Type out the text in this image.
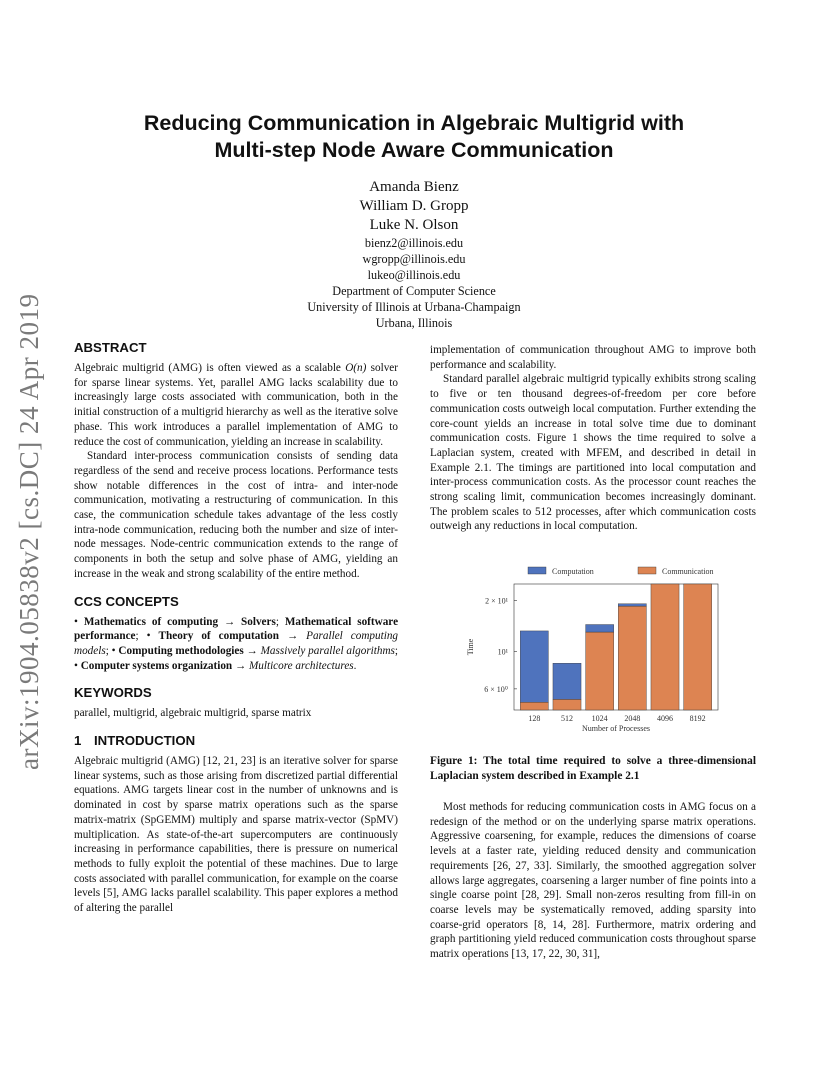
arXiv:1904.05838v2 [cs.DC] 24 Apr 2019
Reducing Communication in Algebraic Multigrid with
Multi-step Node Aware Communication
Amanda Bienz
William D. Gropp
Luke N. Olson
bienz2@illinois.edu
wgropp@illinois.edu
lukeo@illinois.edu
Department of Computer Science
University of Illinois at Urbana-Champaign
Urbana, Illinois

ABSTRACT

Algebraic multigrid (AMG) is often viewed as a scalable O(n) solver for sparse linear systems. Yet, parallel AMG lacks scalability due to increasingly large costs associated with communication, both in the initial construction of a multigrid hierarchy as well as the iterative solve phase. This work introduces a parallel implementation of AMG to reduce the cost of communication, yielding an increase in scalability.

Standard inter-process communication consists of sending data regardless of the send and receive process locations. Performance tests show notable differences in the cost of intra- and inter-node communication, motivating a restructuring of communication. In this case, the communication schedule takes advantage of the less costly intra-node communication, reducing both the number and size of inter-node messages. Node-centric communication extends to the range of components in both the setup and solve phase of AMG, yielding an increase in the weak and strong scalability of the entire method.

CCS CONCEPTS

• Mathematics of computing → Solvers; Mathematical software performance; • Theory of computation → Parallel computing models; • Computing methodologies → Massively parallel algorithms; • Computer systems organization → Multicore architectures.

KEYWORDS

parallel, multigrid, algebraic multigrid, sparse matrix

1 INTRODUCTION

Algebraic multigrid (AMG) [12, 21, 23] is an iterative solver for sparse linear systems, such as those arising from discretized partial differential equations. AMG targets linear cost in the number of unknowns and is dominated in cost by sparse matrix operations such as the sparse matrix-matrix (SpGEMM) multiply and sparse matrix-vector (SpMV) multiplication. As state-of-the-art supercomputers are continuously increasing in performance capabilities, there is pressure on numerical methods to fully exploit the potential of these machines. Due to large costs associated with parallel communication, for example on the coarse levels [5], AMG lacks parallel scalability. This paper explores a method of altering the parallel

implementation of communication throughout AMG to improve both performance and scalability.

Standard parallel algebraic multigrid typically exhibits strong scaling to five or ten thousand degrees-of-freedom per core before communication costs outweigh local computation. Further extending the core-count yields an increase in total solve time due to dominant communication costs. Figure 1 shows the time required to solve a Laplacian system, created with MFEM, and described in detail in Example 2.1. The timings are partitioned into local computation and inter-process communication costs. As the processor count reaches the strong scaling limit, communication becomes increasingly dominant. The problem scales to 512 processes, after which communication costs outweigh any reductions in local computation.

Computation	Communication
6 × 10⁰
10¹
2 × 10¹
Time
128	512 1024 2048 4096 8192
Number of Processes
Figure 1: The total time required to solve a three-dimensional Laplacian system described in Example 2.1

Most methods for reducing communication costs in AMG focus on a redesign of the method or on the underlying sparse matrix operations. Aggressive coarsening, for example, reduces the dimensions of coarse levels at a faster rate, yielding reduced density and communication requirements [26, 27, 33]. Similarly, the smoothed aggregation solver allows large aggregates, coarsening a larger number of fine points into a single coarse point [28, 29]. Small non-zeros resulting from fill-in on coarse levels may be systematically removed, adding sparsity into coarse-grid operators [8, 14, 28]. Furthermore, matrix ordering and graph partitioning yield reduced communication costs throughout sparse matrix operations [13, 17, 22, 30, 31],
